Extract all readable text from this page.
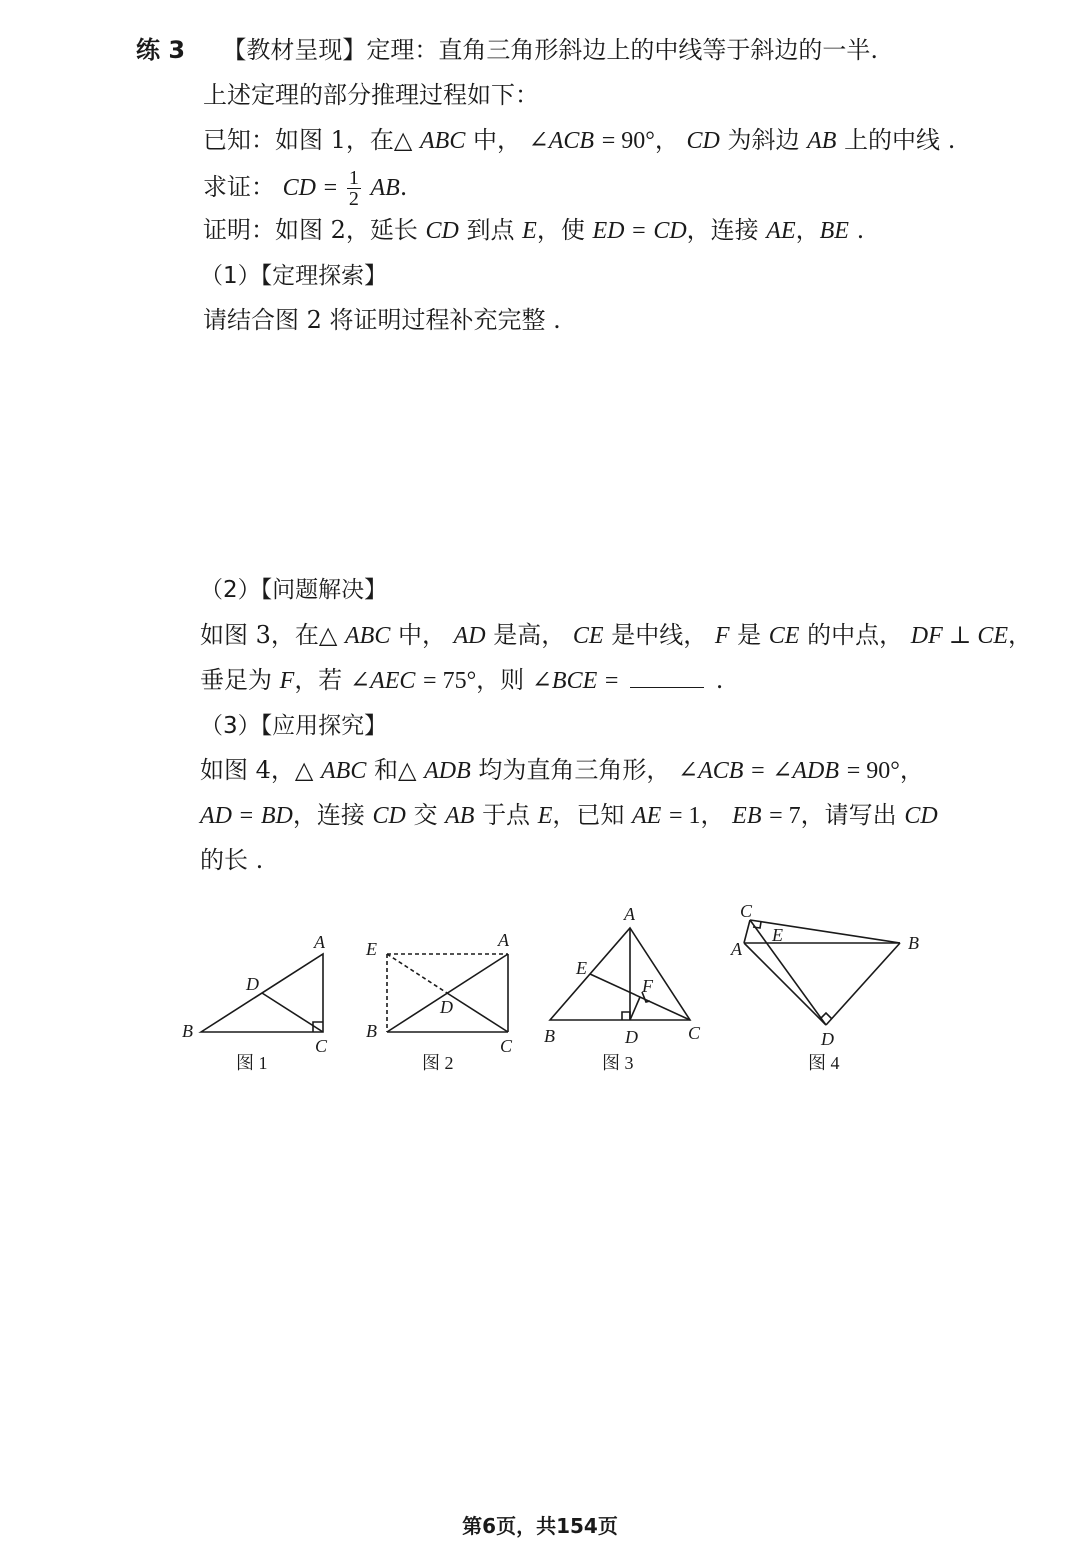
练 3 【教材呈现】定理：直角三角形斜边上的中线等于斜边的一半.
上述定理的部分推理过程如下：
已知：如图 1，在△ ABC 中， ∠ACB = 90°， CD 为斜边 AB 上的中线 .
求证： CD = $\frac{1}{2}$ AB.
证明：如图 2，延长 CD 到点 E，使 ED = CD，连接 AE，BE .
（1）【定理探索】
请结合图 2 将证明过程补充完整 .
（2）【问题解决】
如图 3，在△ ABC 中， AD 是高， CE 是中线， F 是 CE 的中点， DF ⊥ CE，
垂足为 F，若 ∠AEC = 75°，则 ∠BCE =	.
（3）【应用探究】
如图 4，△ ABC 和△ ADB 均为直角三角形， ∠ACB = ∠ADB = 90°，
AD = BD，连接 CD 交 AB 于点 E，已知 AE = 1， EB = 7，请写出 CD
的长 .
A
B
C
D
A
B
C
D
E
A
B	C
D
E
F
A	B
C
D
E
图 1	图 2	图 3	图 4
第6页，共154页
